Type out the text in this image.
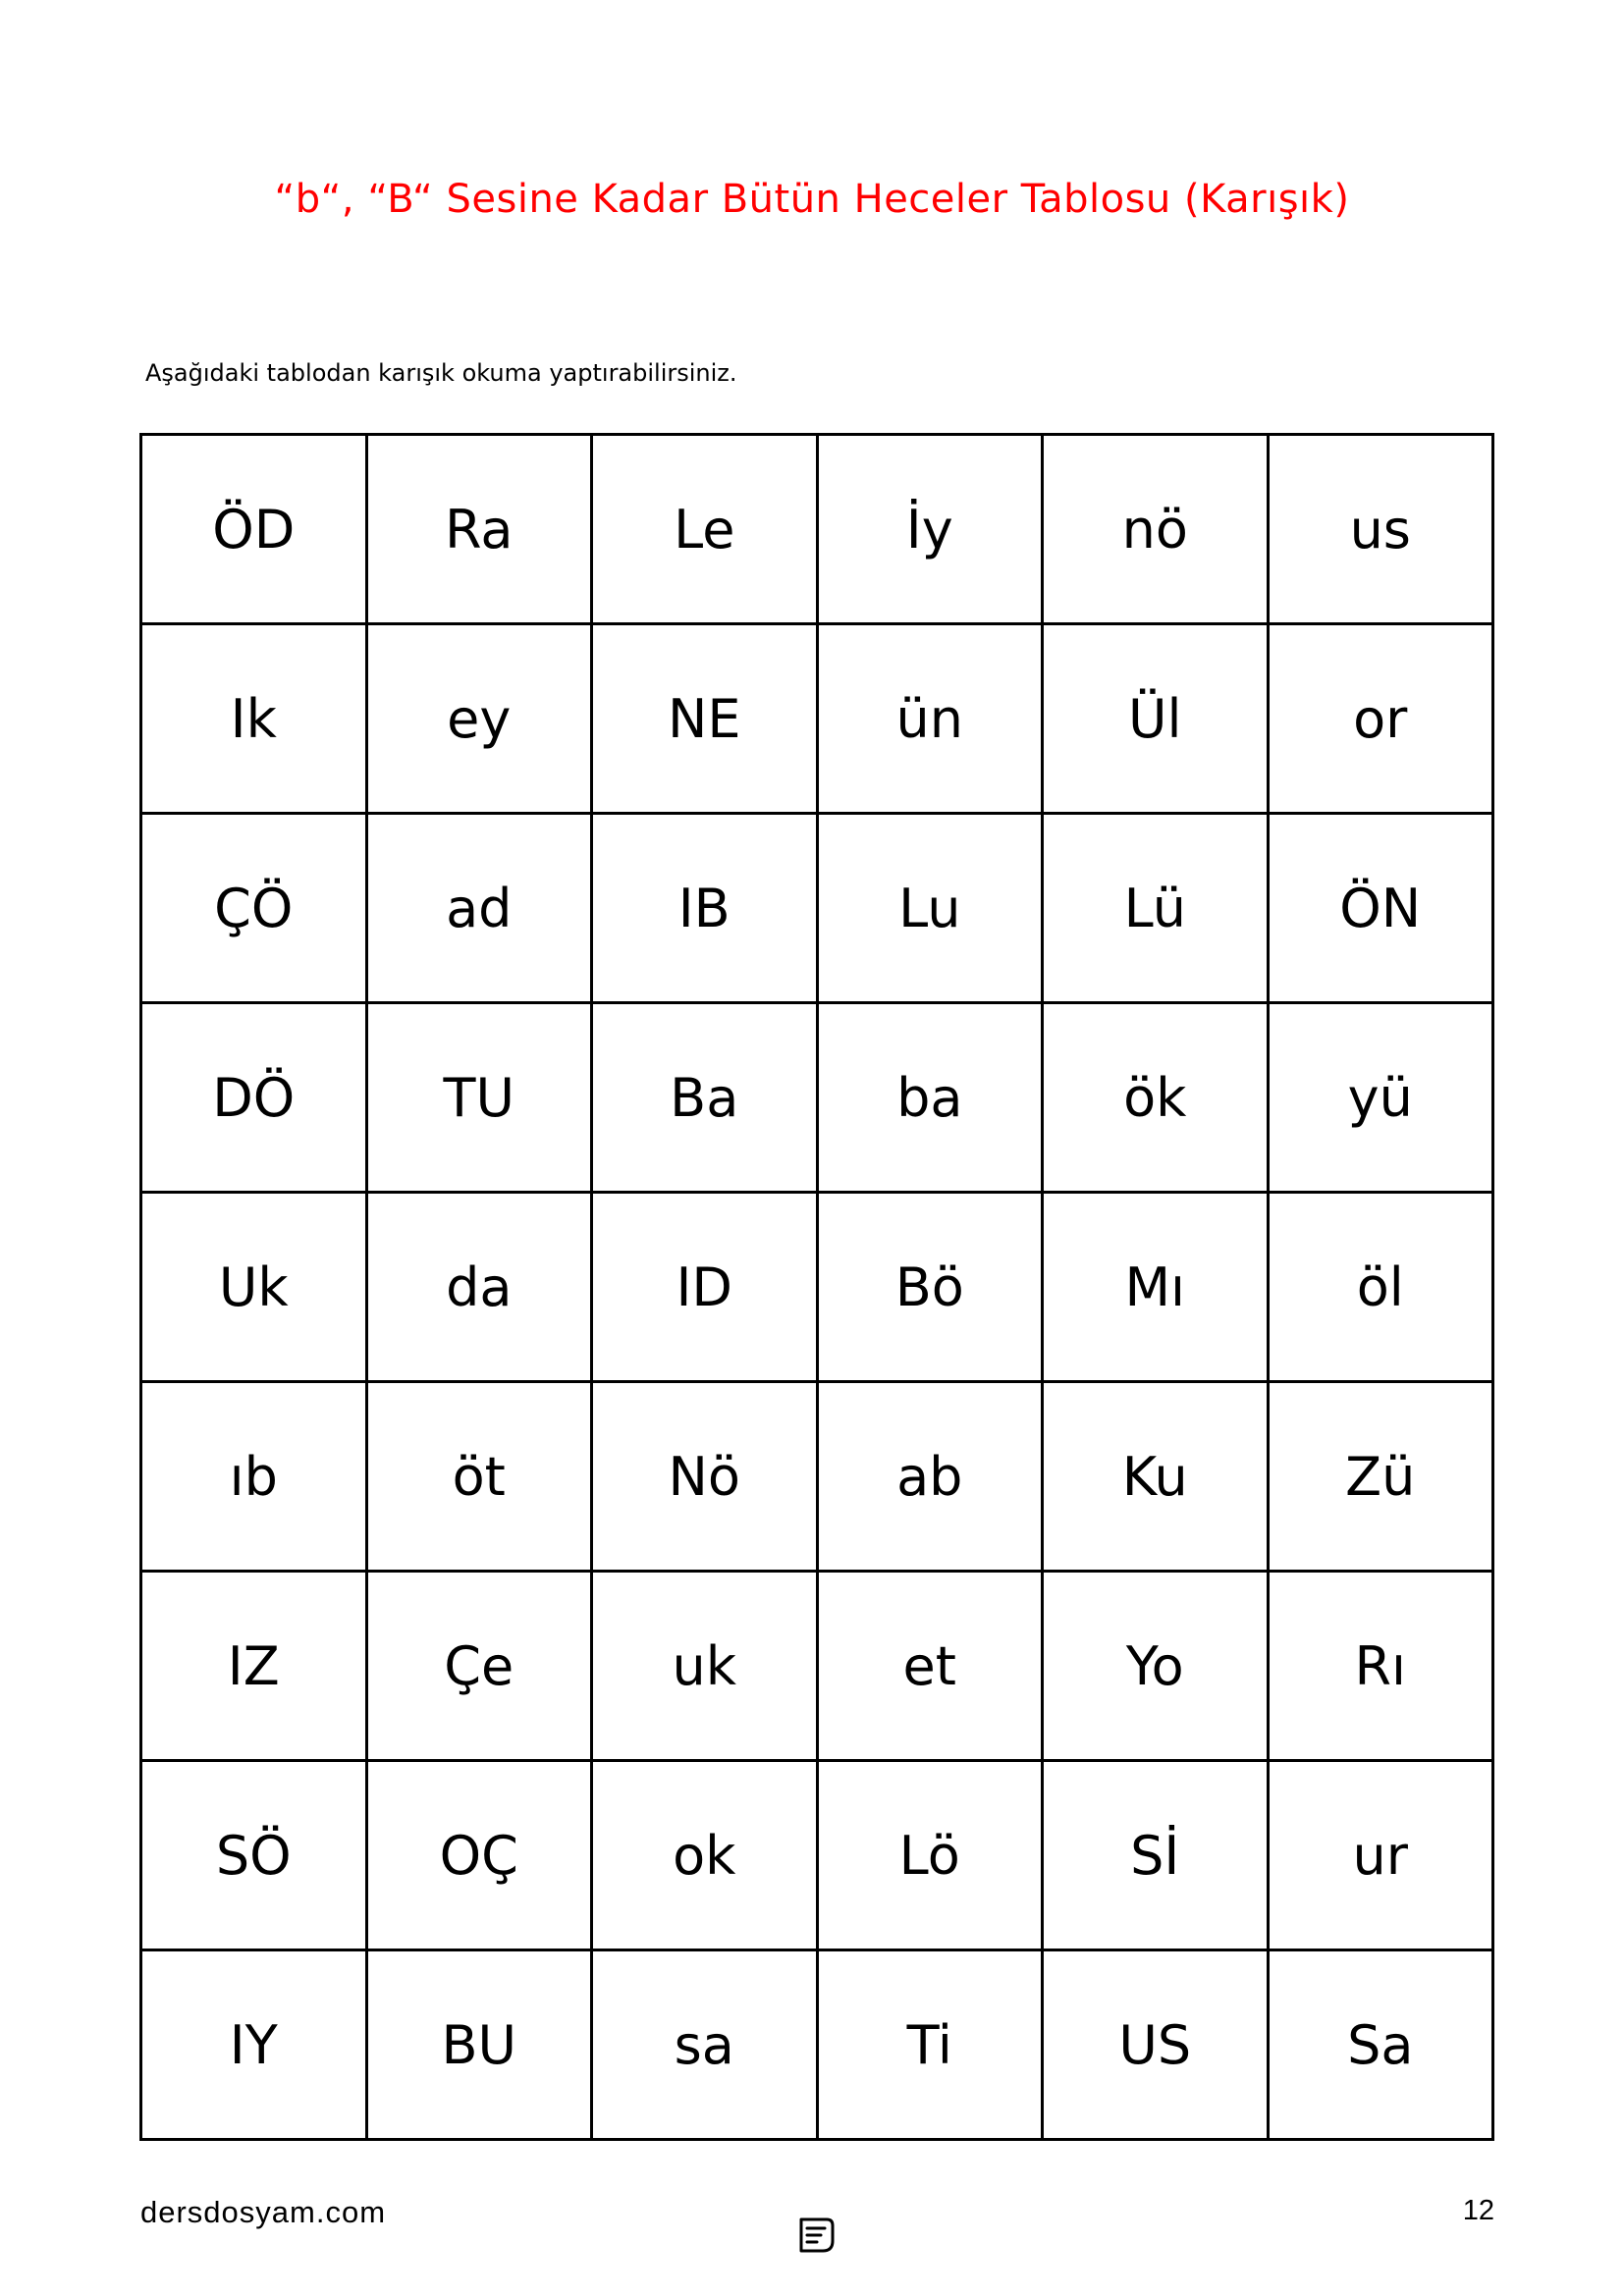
“b“, “B“ Sesine Kadar Bütün Heceler Tablosu (Karışık)

Aşağıdaki tablodan karışık okuma yaptırabilirsiniz.

ÖD	Ra	Le	İy	nö	us
Ik	ey	NE	ün	Ül	or
ÇÖ	ad	IB	Lu	Lü	ÖN
DÖ	TU	Ba	ba	ök	yü
Uk	da	ID	Bö	Mı	öl
ıb	öt	Nö	ab	Ku	Zü
IZ	Çe	uk	et	Yo	Rı
SÖ	OÇ	ok	Lö	Sİ	ur
IY	BU	sa	Ti	US	Sa
dersdosyam.com	12
